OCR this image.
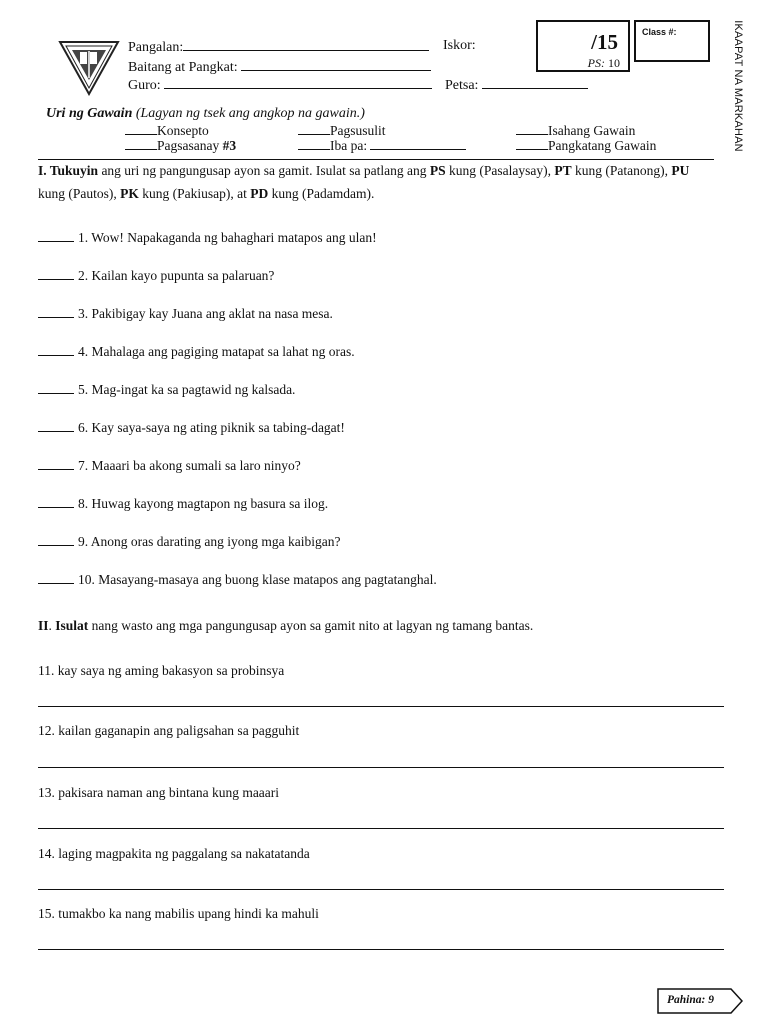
Pangalan:	Iskor:
Baitang at Pangkat:
Guro:	Petsa:
/15
PS: 10
Class #:	IKAAPAT NA MARKAHAN
Uri ng Gawain (Lagyan ng tsek ang angkop na gawain.)
Konsepto	Pagsusulit	Isahang Gawain
Pagsasanay #3	Iba pa:	Pangkatang Gawain
I. Tukuyin ang uri ng pangungusap ayon sa gamit. Isulat sa patlang ang PS kung (Pasalaysay), PT kung (Patanong), PU kung (Pautos), PK kung (Pakiusap), at PD kung (Padamdam).
1. Wow! Napakaganda ng bahaghari matapos ang ulan!
2. Kailan kayo pupunta sa palaruan?
3. Pakibigay kay Juana ang aklat na nasa mesa.
4. Mahalaga ang pagiging matapat sa lahat ng oras.
5. Mag-ingat ka sa pagtawid ng kalsada.
6. Kay saya-saya ng ating piknik sa tabing-dagat!
7. Maaari ba akong sumali sa laro ninyo?
8. Huwag kayong magtapon ng basura sa ilog.
9. Anong oras darating ang iyong mga kaibigan?
10. Masayang-masaya ang buong klase matapos ang pagtatanghal.
II. Isulat nang wasto ang mga pangungusap ayon sa gamit nito at lagyan ng tamang bantas.
11. kay saya ng aming bakasyon sa probinsya
12. kailan gaganapin ang paligsahan sa pagguhit
13. pakisara naman ang bintana kung maaari
14. laging magpakita ng paggalang sa nakatatanda
15. tumakbo ka nang mabilis upang hindi ka mahuli
Pahina: 9
